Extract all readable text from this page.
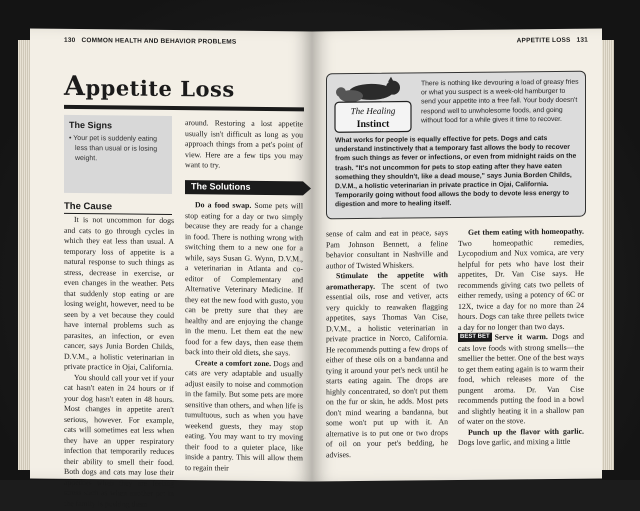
130 COMMON HEALTH AND BEHAVIOR PROBLEMS
Appetite Loss
The Signs
• Your pet is suddenly eating less than usual or is losing weight.
The Cause

It is not uncommon for dogs and cats to go through cycles in which they eat less than usual. A temporary loss of appetite is a natural response to such things as stress, decrease in exercise, or even changes in the weather. Pets that suddenly stop eating or are losing weight, however, need to be seen by a vet because they could have internal problems such as parasites, an infection, or even cancer, says Junia Borden Childs, D.V.M., a holistic veterinarian in private practice in Ojai, California.

You should call your vet if your cat hasn't eaten in 24 hours or if your dog hasn't eaten in 48 hours. Most changes in appetite aren't serious, however. For example, cats will sometimes eat less when they have an upper respiratory infection that temporarily reduces their ability to smell their food. Both dogs and cats may lose their appetites when they are feeling stress such as when another pet in the family is pushing them

around. Restoring a lost appetite usually isn't difficult as long as you approach things from a pet's point of view. Here are a few tips you may want to try.

The Solutions

Do a food swap. Some pets will stop eating for a day or two simply because they are ready for a change in food. There is nothing wrong with switching them to a new one for a while, says Susan G. Wynn, D.V.M., a veterinarian in Atlanta and co-editor of Complementary and Alternative Veterinary Medicine. If they eat the new food with gusto, you can be pretty sure that they are healthy and are enjoying the change in the menu. Let them eat the new food for a few days, then ease them back into their old diets, she says.

Create a comfort zone. Dogs and cats are very adaptable and usually adjust easily to noise and commotion in the family. But some pets are more sensitive than others, and when life is tumultuous, such as when you have weekend guests, they may stop eating. You may want to try moving their food to a quieter place, like inside a pantry. This will allow them to regain their

APPETITE LOSS 131
The Healing
Instinct
There is nothing like devouring a load of greasy fries or what you suspect is a week-old hamburger to send your appetite into a free fall. Your body doesn't respond well to unwholesome foods, and going without food for a while gives it time to recover.
What works for people is equally effective for pets. Dogs and cats understand instinctively that a temporary fast allows the body to recover from such things as fever or infections, or even from midnight raids on the trash. "It's not uncommon for pets to stop eating after they have eaten something they shouldn't, like a dead mouse," says Junia Borden Childs, D.V.M., a holistic veterinarian in private practice in Ojai, California. Temporarily going without food allows the body to devote less energy to digestion and more to healing itself.

sense of calm and eat in peace, says Pam Johnson Bennett, a feline behavior consultant in Nashville and author of Twisted Whiskers.

Stimulate the appetite with aromatherapy. The scent of two essential oils, rose and vetiver, acts very quickly to reawaken flagging appetites, says Thomas Van Cise, D.V.M., a holistic veterinarian in private practice in Norco, California. He recommends putting a few drops of either of these oils on a bandanna and tying it around your pet's neck until he starts eating again. The drops are highly concentrated, so don't put them on the fur or skin, he adds. Most pets don't mind wearing a bandanna, but some won't put up with it. An alternative is to put one or two drops of oil on your pet's bedding, he advises.

Get them eating with homeopathy. Two homeopathic remedies, Lycopodium and Nux vomica, are very helpful for pets who have lost their appetites, Dr. Van Cise says. He recommends giving cats two pellets of either remedy, using a potency of 6C or 12X, twice a day for no more than 24 hours. Dogs can take three pellets twice a day for no longer than two days.

BEST BET Serve it warm. Dogs and cats love foods with strong smells—the smellier the better. One of the best ways to get them eating again is to warm their food, which releases more of the pungent aroma. Dr. Van Cise recommends putting the food in a bowl and slightly heating it in a shallow pan of water on the stove.

Punch up the flavor with garlic. Dogs love garlic, and mixing a little
